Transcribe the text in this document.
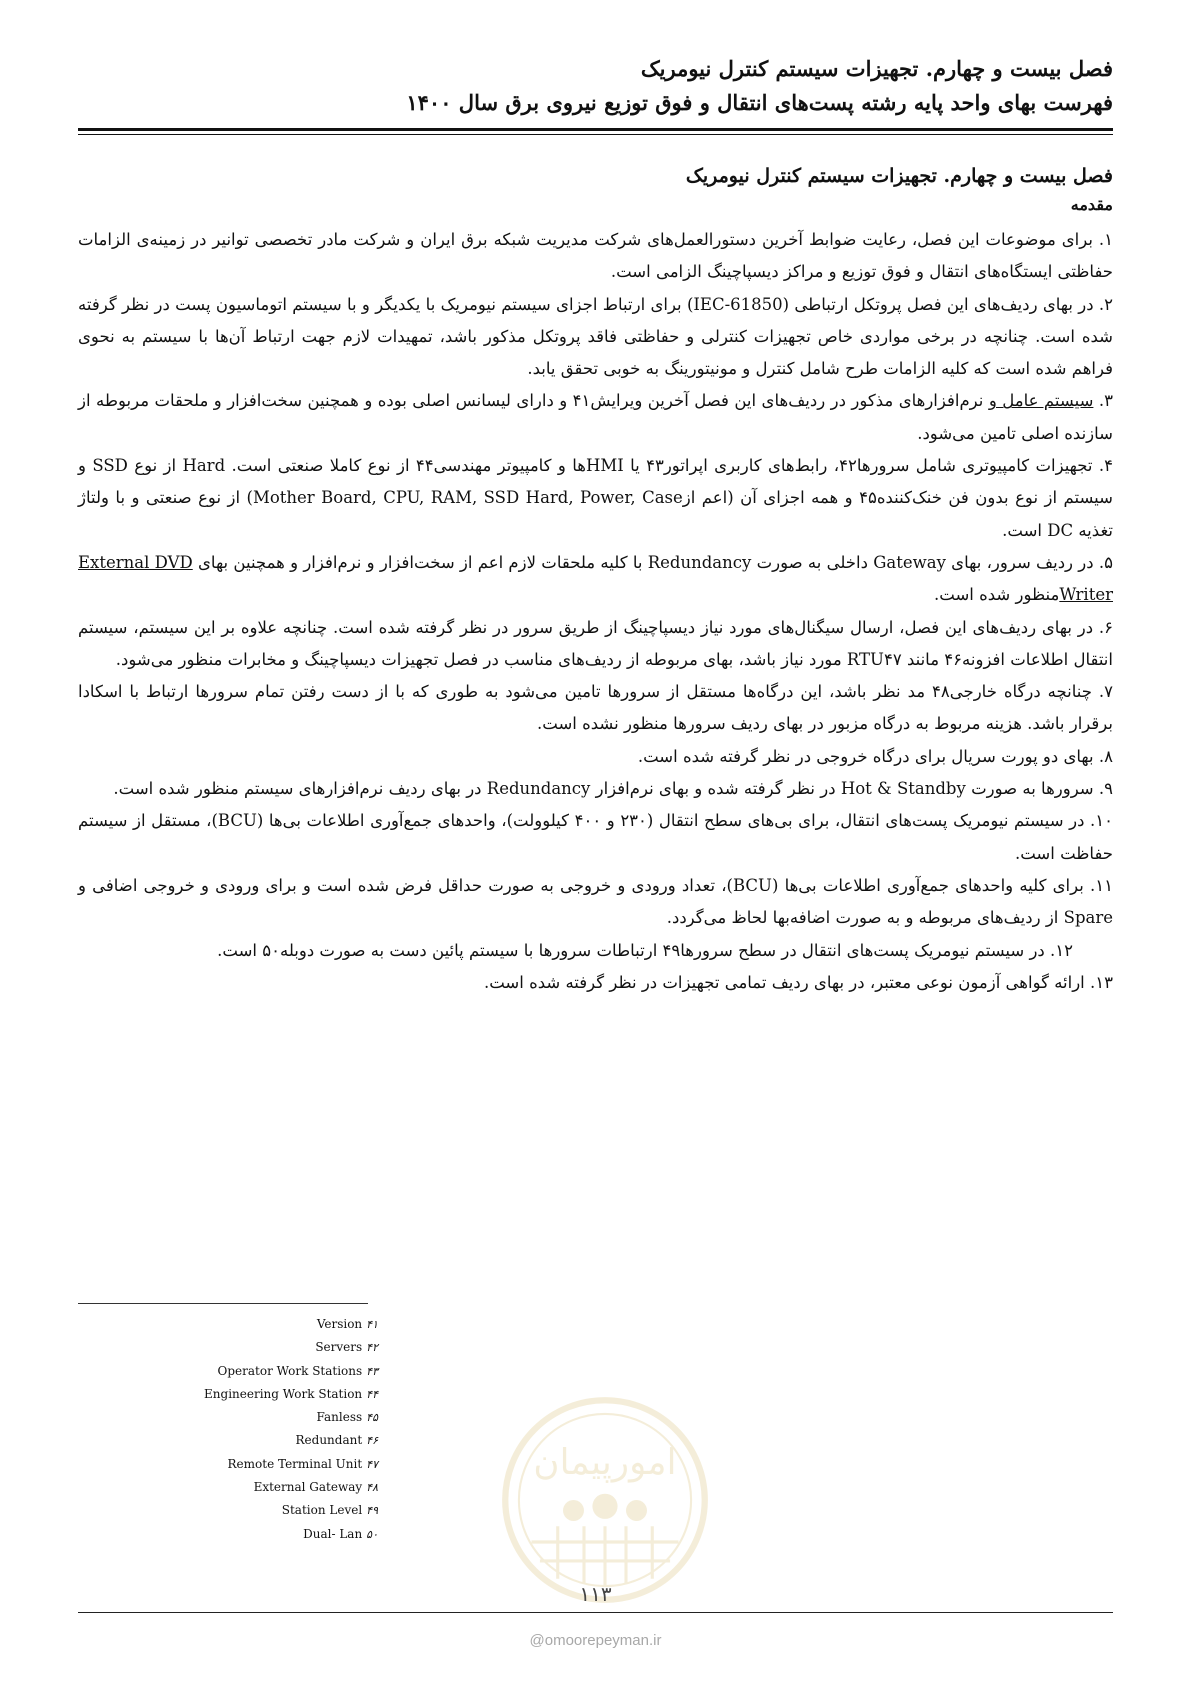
فصل بیست و چهارم. تجهیزات سیستم کنترل نیومریک
فهرست بهای واحد پایه رشته پست‌های انتقال و فوق توزیع نیروی برق سال ۱۴۰۰
فصل بیست و چهارم. تجهیزات سیستم کنترل نیومریک
مقدمه

۱. برای موضوعات این فصل، رعایت ضوابط آخرین دستورالعمل‌های شرکت مدیریت شبکه برق ایران و شرکت مادر تخصصی توانیر در زمینه‌ی الزامات حفاظتی ایستگاه‌های انتقال و فوق توزیع و مراکز دیسپاچینگ الزامی است.

۲. در بهای ردیف‌های این فصل پروتکل ارتباطی (IEC-61850) برای ارتباط اجزای سیستم نیومریک با یکدیگر و با سیستم اتوماسیون پست در نظر گرفته شده است. چنانچه در برخی مواردی خاص تجهیزات کنترلی و حفاظتی فاقد پروتکل مذکور باشد، تمهیدات لازم جهت ارتباط آن‌ها با سیستم به نحوی فراهم شده است که کلیه الزامات طرح شامل کنترل و مونیتورینگ به خوبی تحقق یابد.

۳. سیستم عامل و نرم‌افزارهای مذکور در ردیف‌های این فصل آخرین ویرایش۴۱ و دارای لیسانس اصلی بوده و همچنین سخت‌افزار و ملحقات مربوطه از سازنده اصلی تامین می‌شود.

۴. تجهیزات کامپیوتری شامل سرورها۴۲، رابط‌های کاربری اپراتور۴۳ یا HMIها و کامپیوتر مهندسی۴۴ از نوع کاملا صنعتی است. Hard از نوع SSD و سیستم از نوع بدون فن خنک‌کننده۴۵ و همه اجزای آن (اعم ازMother Board, CPU, RAM, SSD Hard, Power, Case) از نوع صنعتی و با ولتاژ تغذیه DC است.

۵. در ردیف سرور، بهای Gateway داخلی به صورت Redundancy با کلیه ملحقات لازم اعم از سخت‌افزار و نرم‌افزار و همچنین بهای External DVD Writerمنظور شده است.

۶. در بهای ردیف‌های این فصل، ارسال سیگنال‌های مورد نیاز دیسپاچینگ از طریق سرور در نظر گرفته شده است. چنانچه علاوه بر این سیستم، سیستم انتقال اطلاعات افزونه۴۶ مانند RTU۴۷ مورد نیاز باشد، بهای مربوطه از ردیف‌های مناسب در فصل تجهیزات دیسپاچینگ و مخابرات منظور می‌شود.

۷. چنانچه درگاه خارجی۴۸ مد نظر باشد، این درگاه‌ها مستقل از سرورها تامین می‌شود به طوری که با از دست رفتن تمام سرورها ارتباط با اسکادا برقرار باشد. هزینه مربوط به درگاه مزبور در بهای ردیف سرورها منظور نشده است.

۸. بهای دو پورت سریال برای درگاه خروجی در نظر گرفته شده است.

۹. سرورها به صورت Hot & Standby در نظر گرفته شده و بهای نرم‌افزار Redundancy در بهای ردیف نرم‌افزارهای سیستم منظور شده است.

۱۰. در سیستم نیومریک پست‌های انتقال، برای بی‌های سطح انتقال (۲۳۰ و ۴۰۰ کیلوولت)، واحدهای جمع‌آوری اطلاعات بی‌ها (BCU)، مستقل از سیستم حفاظت است.

۱۱. برای کلیه واحدهای جمع‌آوری اطلاعات بی‌ها (BCU)، تعداد ورودی و خروجی به صورت حداقل فرض شده است و برای ورودی و خروجی اضافی و Spare از ردیف‌های مربوطه و به صورت اضافه‌بها لحاظ می‌گردد.

۱۲. در سیستم نیومریک پست‌های انتقال در سطح سرورها۴۹ ارتباطات سرورها با سیستم پائین دست به صورت دوبله۵۰ است.

۱۳. ارائه گواهی آزمون نوعی معتبر، در بهای ردیف تمامی تجهیزات در نظر گرفته شده است.

Version ۴۱
Servers ۴۲
Operator Work Stations ۴۳
Engineering Work Station ۴۴
Fanless ۴۵
Redundant ۴۶
Remote Terminal Unit ۴۷
External Gateway ۴۸
Station Level ۴۹
Dual- Lan ۵۰
امورپیمان
۱۱۳
@omoorepeyman.ir
